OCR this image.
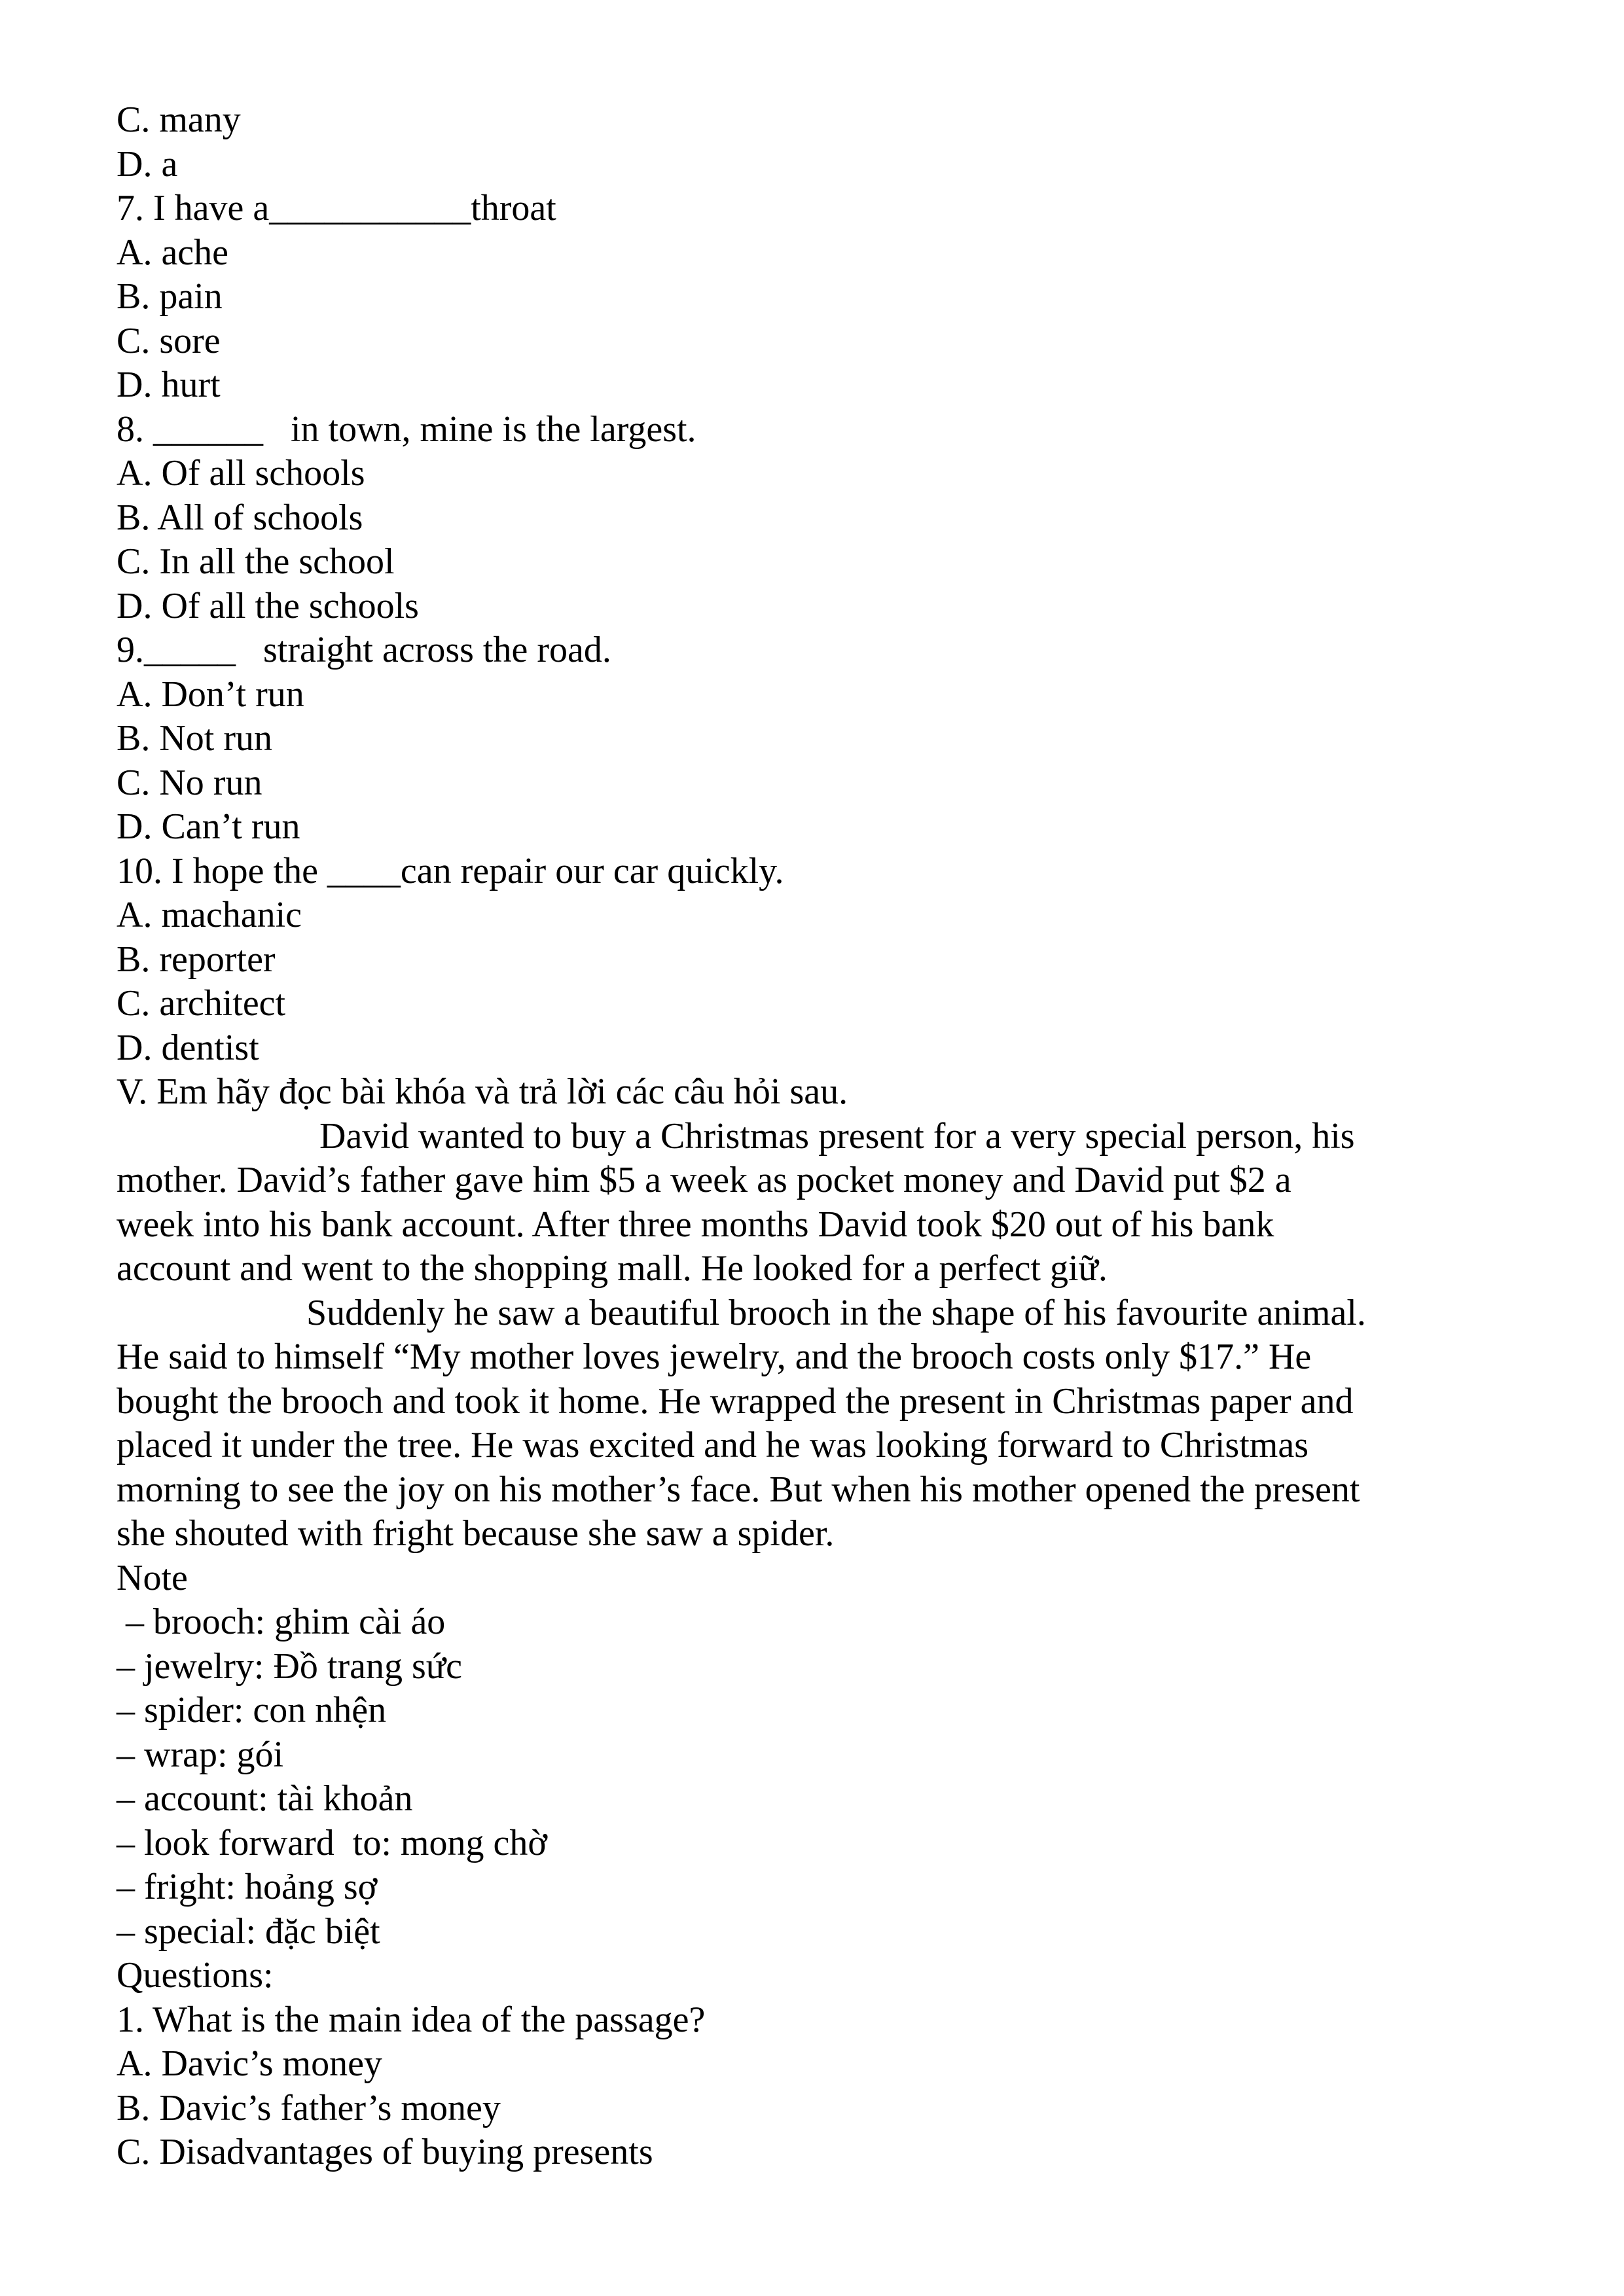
C. many
D. a
7. I have a___________throat
A. ache
B. pain
C. sore
D. hurt
8. ______   in town, mine is the largest.
A. Of all schools
B. All of schools
C. In all the school
D. Of all the schools
9._____   straight across the road.
A. Don’t run
B. Not run
C. No run
D. Can’t run
10. I hope the ____can repair our car quickly.
A. machanic
B. reporter
C. architect
D. dentist
V. Em hãy đọc bài khóa và trả lời các câu hỏi sau.
David wanted to buy a Christmas present for a very special person, his
mother. David’s father gave him $5 a week as pocket money and David put $2 a
week into his bank account. After three months David took $20 out of his bank
account and went to the shopping mall. He looked for a perfect giữ.
Suddenly he saw a beautiful brooch in the shape of his favourite animal.
He said to himself “My mother loves jewelry, and the brooch costs only $17.” He
bought the brooch and took it home. He wrapped the present in Christmas paper and
placed it under the tree. He was excited and he was looking forward to Christmas
morning to see the joy on his mother’s face. But when his mother opened the present
she shouted with fright because she saw a spider.
Note
– brooch: ghim cài áo
– jewelry: Đồ trang sức
– spider: con nhện
– wrap: gói
– account: tài khoản
– look forward  to: mong chờ
– fright: hoảng sợ
– special: đặc biệt
Questions:
1. What is the main idea of the passage?
A. Davic’s money
B. Davic’s father’s money
C. Disadvantages of buying presents
